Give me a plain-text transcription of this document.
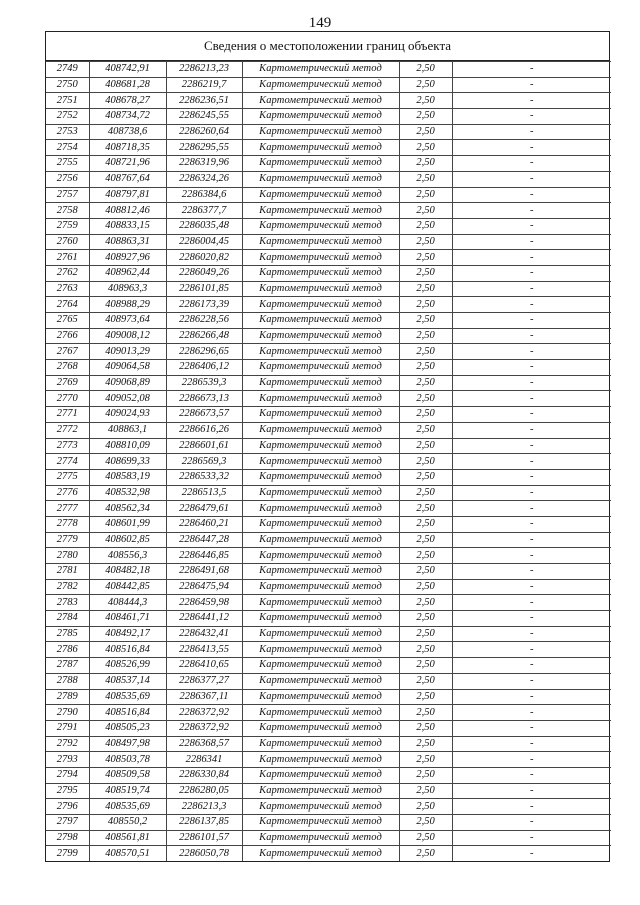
149
Сведения о местоположении границ объекта
2749	408742,91	2286213,23	Картометрический метод	2,50	-
2750	408681,28	2286219,7	Картометрический метод	2,50	-
2751	408678,27	2286236,51	Картометрический метод	2,50	-
2752	408734,72	2286245,55	Картометрический метод	2,50	-
2753	408738,6	2286260,64	Картометрический метод	2,50	-
2754	408718,35	2286295,55	Картометрический метод	2,50	-
2755	408721,96	2286319,96	Картометрический метод	2,50	-
2756	408767,64	2286324,26	Картометрический метод	2,50	-
2757	408797,81	2286384,6	Картометрический метод	2,50	-
2758	408812,46	2286377,7	Картометрический метод	2,50	-
2759	408833,15	2286035,48	Картометрический метод	2,50	-
2760	408863,31	2286004,45	Картометрический метод	2,50	-
2761	408927,96	2286020,82	Картометрический метод	2,50	-
2762	408962,44	2286049,26	Картометрический метод	2,50	-
2763	408963,3	2286101,85	Картометрический метод	2,50	-
2764	408988,29	2286173,39	Картометрический метод	2,50	-
2765	408973,64	2286228,56	Картометрический метод	2,50	-
2766	409008,12	2286266,48	Картометрический метод	2,50	-
2767	409013,29	2286296,65	Картометрический метод	2,50	-
2768	409064,58	2286406,12	Картометрический метод	2,50	-
2769	409068,89	2286539,3	Картометрический метод	2,50	-
2770	409052,08	2286673,13	Картометрический метод	2,50	-
2771	409024,93	2286673,57	Картометрический метод	2,50	-
2772	408863,1	2286616,26	Картометрический метод	2,50	-
2773	408810,09	2286601,61	Картометрический метод	2,50	-
2774	408699,33	2286569,3	Картометрический метод	2,50	-
2775	408583,19	2286533,32	Картометрический метод	2,50	-
2776	408532,98	2286513,5	Картометрический метод	2,50	-
2777	408562,34	2286479,61	Картометрический метод	2,50	-
2778	408601,99	2286460,21	Картометрический метод	2,50	-
2779	408602,85	2286447,28	Картометрический метод	2,50	-
2780	408556,3	2286446,85	Картометрический метод	2,50	-
2781	408482,18	2286491,68	Картометрический метод	2,50	-
2782	408442,85	2286475,94	Картометрический метод	2,50	-
2783	408444,3	2286459,98	Картометрический метод	2,50	-
2784	408461,71	2286441,12	Картометрический метод	2,50	-
2785	408492,17	2286432,41	Картометрический метод	2,50	-
2786	408516,84	2286413,55	Картометрический метод	2,50	-
2787	408526,99	2286410,65	Картометрический метод	2,50	-
2788	408537,14	2286377,27	Картометрический метод	2,50	-
2789	408535,69	2286367,11	Картометрический метод	2,50	-
2790	408516,84	2286372,92	Картометрический метод	2,50	-
2791	408505,23	2286372,92	Картометрический метод	2,50	-
2792	408497,98	2286368,57	Картометрический метод	2,50	-
2793	408503,78	2286341	Картометрический метод	2,50	-
2794	408509,58	2286330,84	Картометрический метод	2,50	-
2795	408519,74	2286280,05	Картометрический метод	2,50	-
2796	408535,69	2286213,3	Картометрический метод	2,50	-
2797	408550,2	2286137,85	Картометрический метод	2,50	-
2798	408561,81	2286101,57	Картометрический метод	2,50	-
2799	408570,51	2286050,78	Картометрический метод	2,50	-
